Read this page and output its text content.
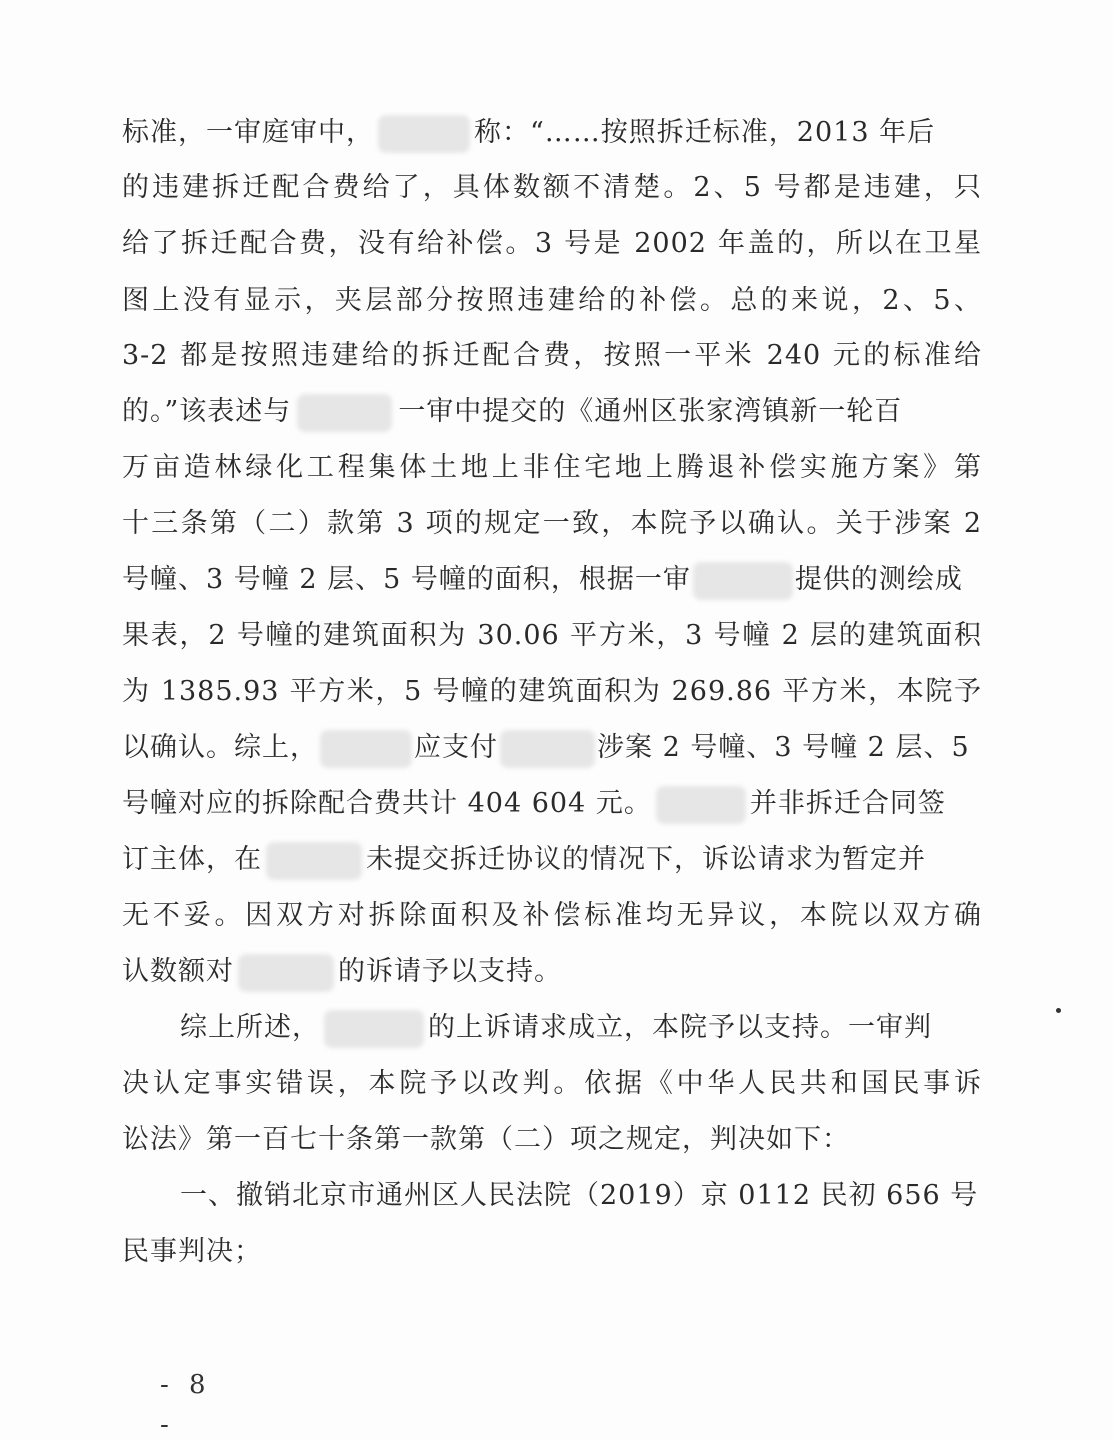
标准，一审庭审中，	称：“……按照拆迁标准，2013 年后
的违建拆迁配合费给了，具体数额不清楚。2、5 号都是违建，只
给了拆迁配合费，没有给补偿。3 号是 2002 年盖的，所以在卫星
图上没有显示，夹层部分按照违建给的补偿。总的来说，2、5、
3-2 都是按照违建给的拆迁配合费，按照一平米 240 元的标准给
的。”该表述与	一审中提交的《通州区张家湾镇新一轮百
万亩造林绿化工程集体土地上非住宅地上腾退补偿实施方案》第
十三条第（二）款第 3 项的规定一致，本院予以确认。关于涉案 2
号幢、3 号幢 2 层、5 号幢的面积，根据一审	提供的测绘成
果表，2 号幢的建筑面积为 30.06 平方米，3 号幢 2 层的建筑面积
为 1385.93 平方米，5 号幢的建筑面积为 269.86 平方米，本院予
以确认。综上，	应支付	涉案 2 号幢、3 号幢 2 层、5
号幢对应的拆除配合费共计 404 604 元。	并非拆迁合同签
订主体，在	未提交拆迁协议的情况下，诉讼请求为暂定并
无不妥。因双方对拆除面积及补偿标准均无异议，本院以双方确
认数额对	的诉请予以支持。
综上所述，	的上诉请求成立，本院予以支持。一审判
决认定事实错误，本院予以改判。依据《中华人民共和国民事诉
讼法》第一百七十条第一款第（二）项之规定，判决如下：
一、撤销北京市通州区人民法院（2019）京 0112 民初 656 号
民事判决；
- 8 -
